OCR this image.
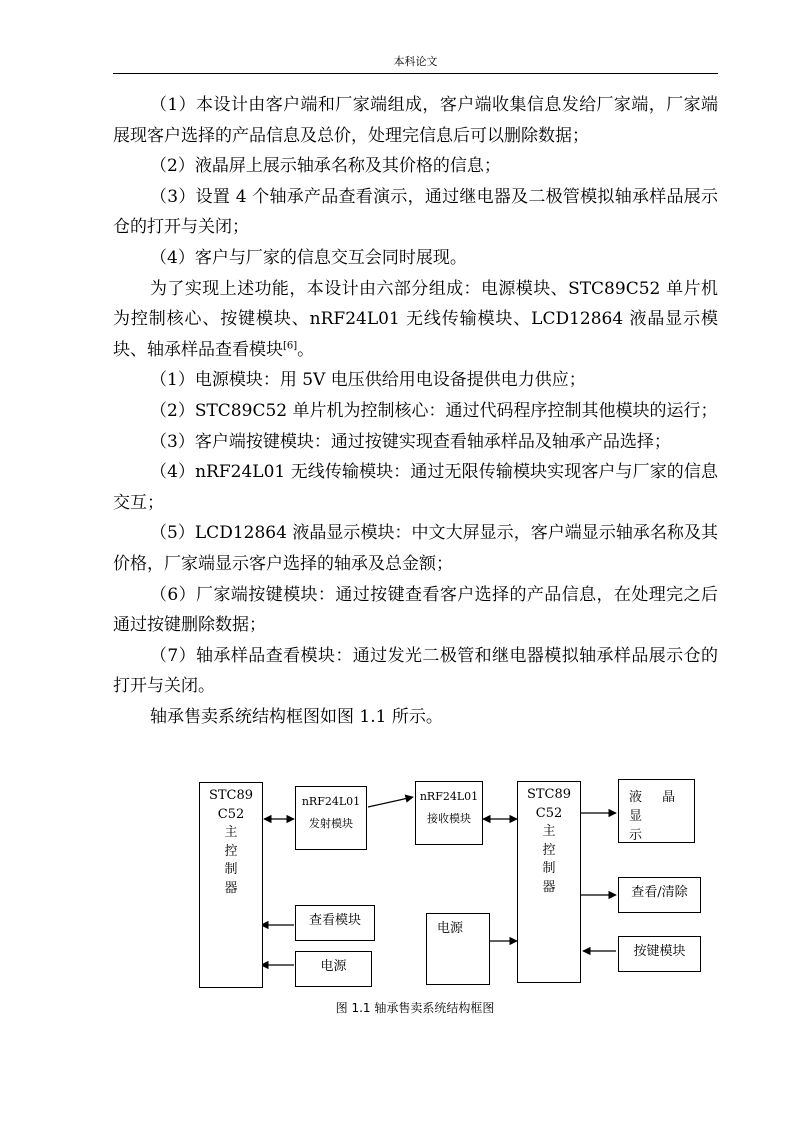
本科论文

（1）本设计由客户端和厂家端组成，客户端收集信息发给厂家端，厂家端展现客户选择的产品信息及总价，处理完信息后可以删除数据；

（2）液晶屏上展示轴承名称及其价格的信息；

（3）设置 4 个轴承产品查看演示，通过继电器及二极管模拟轴承样品展示仓的打开与关闭；

（4）客户与厂家的信息交互会同时展现。

为了实现上述功能，本设计由六部分组成：电源模块、STC89C52 单片机为控制核心、按键模块、nRF24L01 无线传输模块、LCD12864 液晶显示模块、轴承样品查看模块[6]。

（1）电源模块：用 5V 电压供给用电设备提供电力供应；

（2）STC89C52 单片机为控制核心：通过代码程序控制其他模块的运行；

（3）客户端按键模块：通过按键实现查看轴承样品及轴承产品选择；

（4）nRF24L01 无线传输模块：通过无限传输模块实现客户与厂家的信息交互；

（5）LCD12864 液晶显示模块：中文大屏显示，客户端显示轴承名称及其价格，厂家端显示客户选择的轴承及总金额；

（6）厂家端按键模块：通过按键查看客户选择的产品信息，在处理完之后通过按键删除数据；

（7）轴承样品查看模块：通过发光二极管和继电器模拟轴承样品展示仓的打开与关闭。

轴承售卖系统结构框图如图 1.1 所示。

STC89
C52
主
控
制
器
nRF24L01
发射模块
nRF24L01
接收模块
STC89
C52
主
控
制
器
液 晶 显
示
查看模块
电源
电源
查看/清除
按键模块
图 1.1 轴承售卖系统结构框图
